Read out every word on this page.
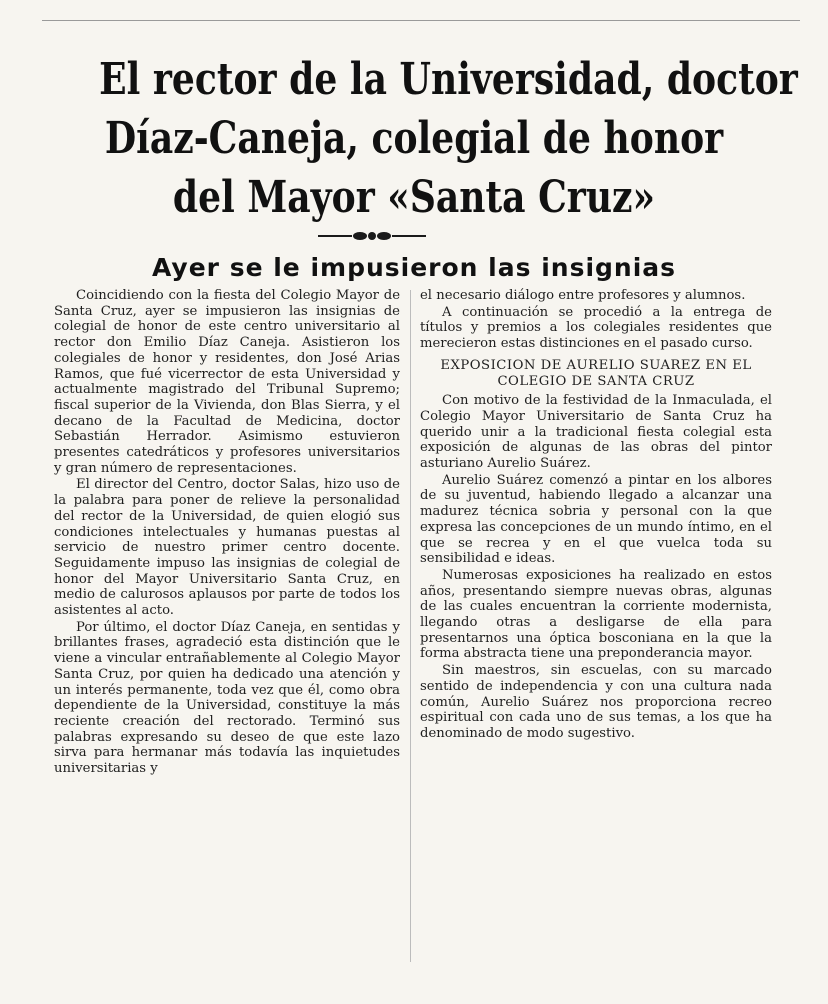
El rector de la Universidad, doctor
Díaz-Caneja, colegial de honor
del Mayor «Santa Cruz»
Ayer se le impusieron las insignias

Coincidiendo con la fiesta del Colegio Mayor de Santa Cruz, ayer se impusieron las insignias de colegial de honor de este centro universitario al rector don Emilio Díaz Caneja. Asistieron los colegiales de honor y residentes, don José Arias Ramos, que fué vicerrector de esta Universidad y actualmente magistrado del Tribunal Supremo; fiscal superior de la Vivienda, don Blas Sierra, y el decano de la Facultad de Medicina, doctor Sebastián Herrador. Asimismo estuvieron presentes catedráticos y profesores universitarios y gran número de representaciones.

El director del Centro, doctor Salas, hizo uso de la palabra para poner de relieve la personalidad del rector de la Universidad, de quien elogió sus condiciones intelectuales y humanas puestas al servicio de nuestro primer centro docente. Seguidamente impuso las insignias de colegial de honor del Mayor Universitario Santa Cruz, en medio de calurosos aplausos por parte de todos los asistentes al acto.

Por último, el doctor Díaz Caneja, en sentidas y brillantes frases, agradeció esta distinción que le viene a vincular entrañablemente al Colegio Mayor Santa Cruz, por quien ha dedicado una atención y un interés permanente, toda vez que él, como obra dependiente de la Universidad, constituye la más reciente creación del rectorado. Terminó sus palabras expresando su deseo de que este lazo sirva para hermanar más todavía las inquietudes universitarias y

el necesario diálogo entre profesores y alumnos.

A continuación se procedió a la entrega de títulos y premios a los colegiales residentes que merecieron estas distinciones en el pasado curso.

EXPOSICION DE AURELIO SUAREZ EN EL COLEGIO DE SANTA CRUZ

Con motivo de la festividad de la Inmaculada, el Colegio Mayor Universitario de Santa Cruz ha querido unir a la tradicional fiesta colegial esta exposición de algunas de las obras del pintor asturiano Aurelio Suárez.

Aurelio Suárez comenzó a pintar en los albores de su juventud, habiendo llegado a alcanzar una madurez técnica sobria y personal con la que expresa las concepciones de un mundo íntimo, en el que se recrea y en el que vuelca toda su sensibilidad e ideas.

Numerosas exposiciones ha realizado en estos años, presentando siempre nuevas obras, algunas de las cuales encuentran la corriente modernista, llegando otras a desligarse de ella para presentarnos una óptica bosconiana en la que la forma abstracta tiene una preponderancia mayor.

Sin maestros, sin escuelas, con su marcado sentido de independencia y con una cultura nada común, Aurelio Suárez nos proporciona recreo espiritual con cada uno de sus temas, a los que ha denominado de modo sugestivo.
